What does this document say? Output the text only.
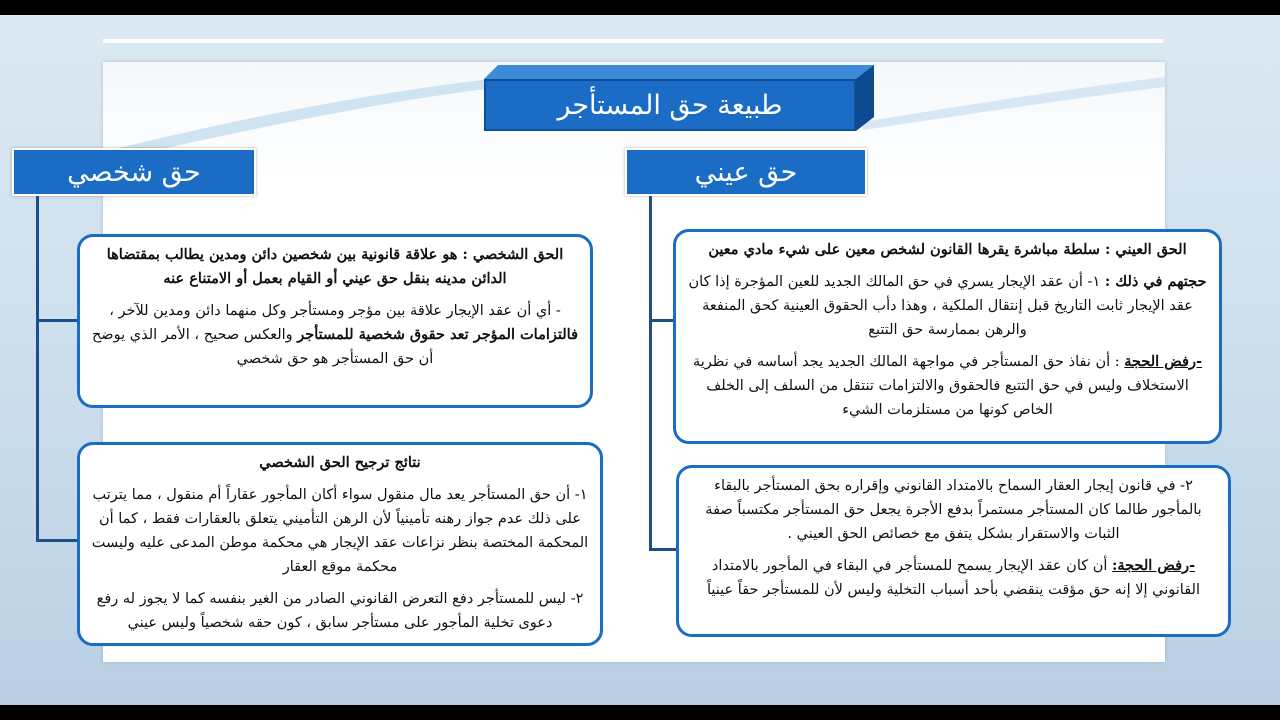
طبيعة حق المستأجر
حق شخصي	حق عيني

الحق الشخصي : هو علاقة قانونية بين شخصين دائن ومدين يطالب بمقتضاها الدائن مدينه بنقل حق عيني أو القيام بعمل أو الامتناع عنه

- أي أن عقد الإيجار علاقة بين مؤجر ومستأجر وكل منهما دائن ومدين للآخر ، فالتزامات المؤجر تعد حقوق شخصية للمستأجر والعكس صحيح ، الأمر الذي يوضح أن حق المستأجر هو حق شخصي

نتائج ترجيح الحق الشخصي

١- أن حق المستأجر يعد مال منقول سواء أكان المأجور عقاراً أم منقول ، مما يترتب على ذلك عدم جواز رهنه تأمينياً لأن الرهن التأميني يتعلق بالعقارات فقط ، كما أن المحكمة المختصة بنظر نزاعات عقد الإيجار هي محكمة موطن المدعى عليه وليست محكمة موقع العقار

٢- ليس للمستأجر دفع التعرض القانوني الصادر من الغير بنفسه كما لا يجوز له رفع دعوى تخلية المأجور على مستأجر سابق ، كون حقه شخصياً وليس عيني

الحق العيني : سلطة مباشرة يقرها القانون لشخص معين على شيء مادي معين

حجتهم في ذلك : ١- أن عقد الإيجار يسري في حق المالك الجديد للعين المؤجرة إذا كان عقد الإيجار ثابت التاريخ قبل إنتقال الملكية ، وهذا دأب الحقوق العينية كحق المنفعة والرهن بممارسة حق التتبع

-رفض الحجة : أن نفاذ حق المستأجر في مواجهة المالك الجديد يجد أساسه في نظرية الاستخلاف وليس في حق التتبع فالحقوق والالتزامات تنتقل من السلف إلى الخلف الخاص كونها من مستلزمات الشيء

٢- في قانون إيجار العقار السماح بالامتداد القانوني وإقراره بحق المستأجر بالبقاء بالمأجور طالما كان المستأجر مستمراً بدفع الأجرة يجعل حق المستأجر مكتسباً صفة الثبات والاستقرار بشكل يتفق مع خصائص الحق العيني .

-رفض الحجة: أن كان عقد الإيجار يسمح للمستأجر في البقاء في المأجور بالامتداد القانوني إلا إنه حق مؤقت ينقضي بأحد أسباب التخلية وليس لأن للمستأجر حقاً عينياً
